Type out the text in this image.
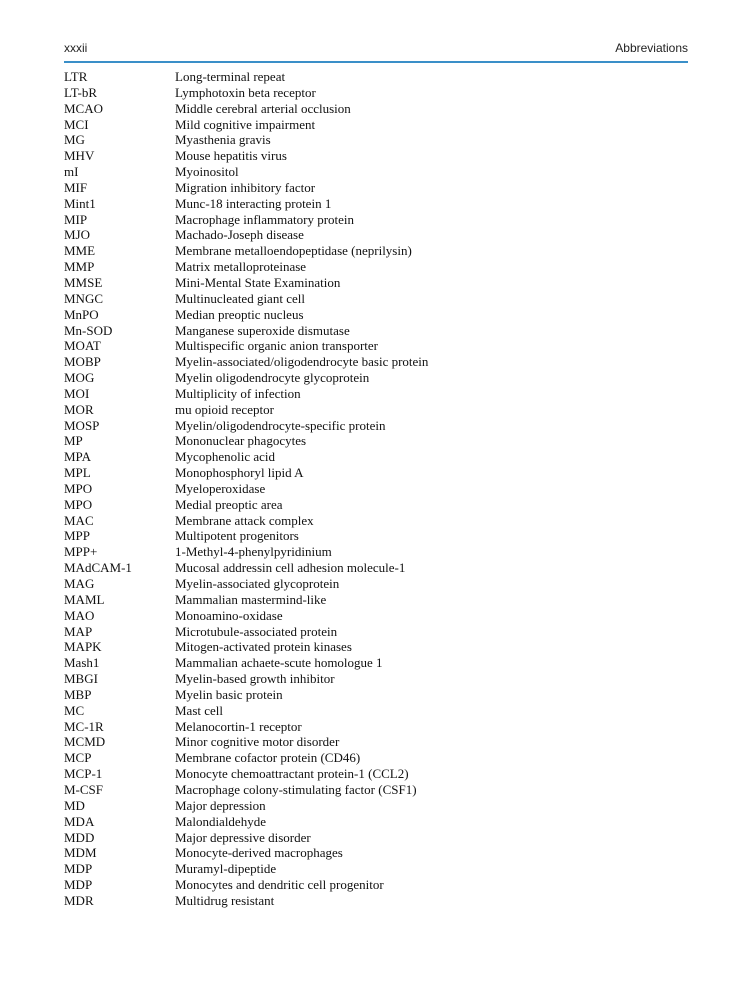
xxxii	Abbreviations
LTR	Long-terminal repeat
LT-bR	Lymphotoxin beta receptor
MCAO	Middle cerebral arterial occlusion
MCI	Mild cognitive impairment
MG	Myasthenia gravis
MHV	Mouse hepatitis virus
mI	Myoinositol
MIF	Migration inhibitory factor
Mint1	Munc-18 interacting protein 1
MIP	Macrophage inflammatory protein
MJO	Machado-Joseph disease
MME	Membrane metalloendopeptidase (neprilysin)
MMP	Matrix metalloproteinase
MMSE	Mini-Mental State Examination
MNGC	Multinucleated giant cell
MnPO	Median preoptic nucleus
Mn-SOD	Manganese superoxide dismutase
MOAT	Multispecific organic anion transporter
MOBP	Myelin-associated/oligodendrocyte basic protein
MOG	Myelin oligodendrocyte glycoprotein
MOI	Multiplicity of infection
MOR	mu opioid receptor
MOSP	Myelin/oligodendrocyte-specific protein
MP	Mononuclear phagocytes
MPA	Mycophenolic acid
MPL	Monophosphoryl lipid A
MPO	Myeloperoxidase
MPO	Medial preoptic area
MAC	Membrane attack complex
MPP	Multipotent progenitors
MPP+	1-Methyl-4-phenylpyridinium
MAdCAM-1	Mucosal addressin cell adhesion molecule-1
MAG	Myelin-associated glycoprotein
MAML	Mammalian mastermind-like
MAO	Monoamino-oxidase
MAP	Microtubule-associated protein
MAPK	Mitogen-activated protein kinases
Mash1	Mammalian achaete-scute homologue 1
MBGI	Myelin-based growth inhibitor
MBP	Myelin basic protein
MC	Mast cell
MC-1R	Melanocortin-1 receptor
MCMD	Minor cognitive motor disorder
MCP	Membrane cofactor protein (CD46)
MCP-1	Monocyte chemoattractant protein-1 (CCL2)
M-CSF	Macrophage colony-stimulating factor (CSF1)
MD	Major depression
MDA	Malondialdehyde
MDD	Major depressive disorder
MDM	Monocyte-derived macrophages
MDP	Muramyl-dipeptide
MDP	Monocytes and dendritic cell progenitor
MDR	Multidrug resistant
